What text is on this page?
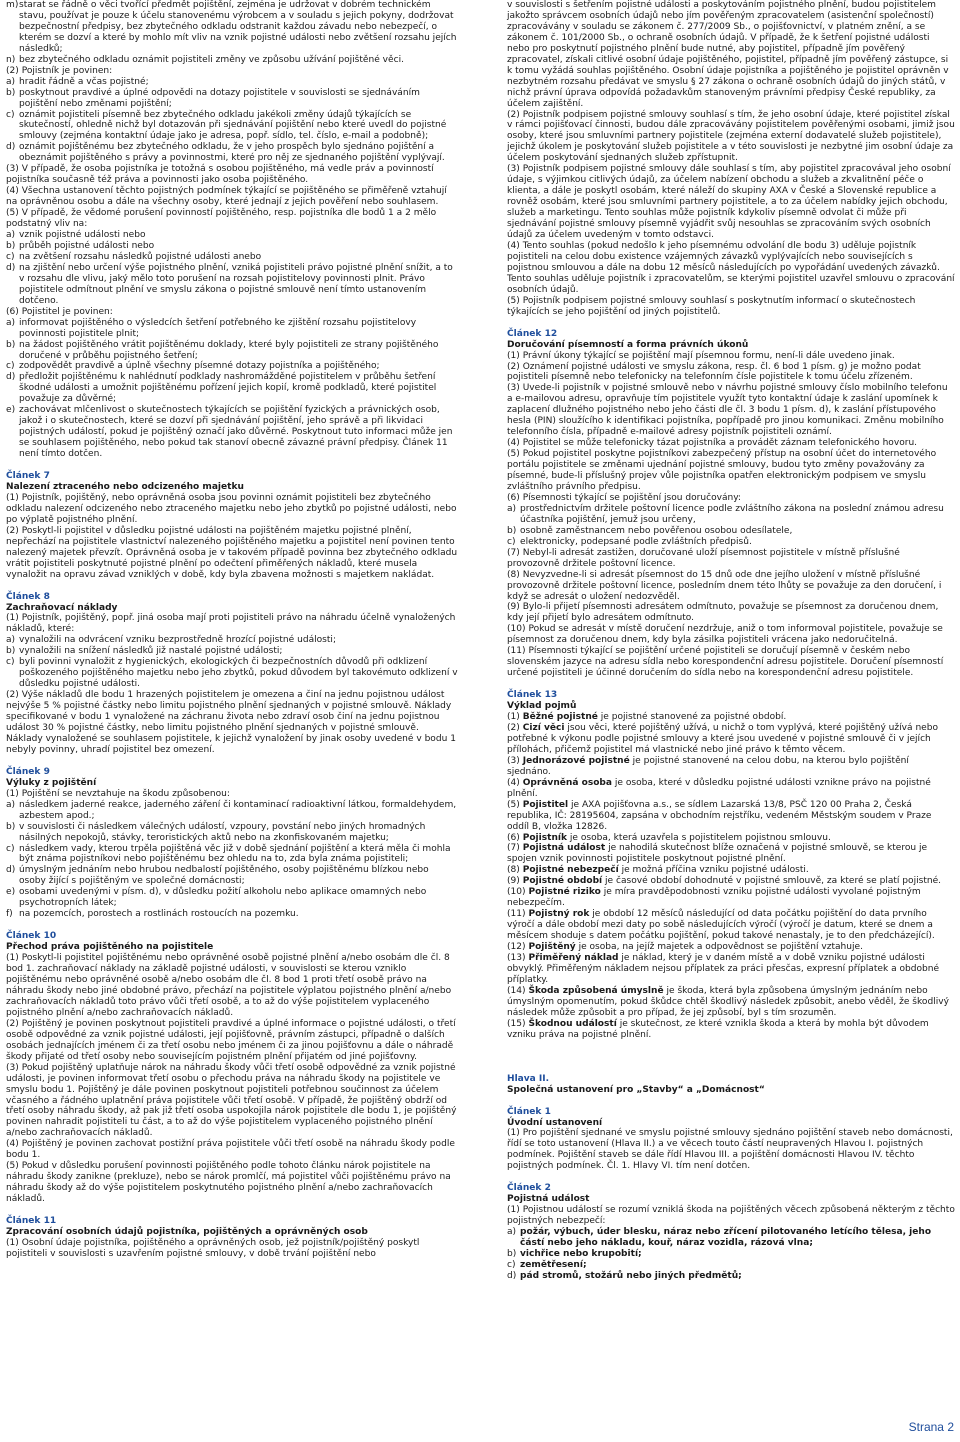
m)starat se řádně o věci tvořící předmět pojištění, zejména je udržovat v dobrém technickém stavu, používat je pouze k účelu stanovenému výrobcem a v souladu s jejich pokyny, dodržovat bezpečnostní předpisy, bez zbytečného odkladu odstranit každou závadu nebo nebezpečí, o kterém se dozví a které by mohlo mít vliv na vznik pojistné události nebo zvětšení rozsahu jejích následků;

n) bez zbytečného odkladu oznámit pojistiteli změny ve způsobu užívání pojištěné věci.

(2) Pojistník je povinen:

a) hradit řádně a včas pojistné;

b) poskytnout pravdivé a úplné odpovědi na dotazy pojistitele v souvislosti se sjednáváním pojištění nebo změnami pojištění;

c) oznámit pojistiteli písemně bez zbytečného odkladu jakékoli změny údajů týkajících se skutečností, ohledně nichž byl dotazován při sjednávání pojištění nebo které uvedl do pojistné smlouvy (zejména kontaktní údaje jako je adresa, popř. sídlo, tel. číslo, e-mail a podobně);

d) oznámit pojištěnému bez zbytečného odkladu, že v jeho prospěch bylo sjednáno pojištění a obeznámit pojištěného s právy a povinnostmi, které pro něj ze sjednaného pojištění vyplývají.

(3) V případě, že osoba pojistníka je totožná s osobou pojištěného, má vedle práv a povinností pojistníka současně též práva a povinnosti jako osoba pojištěného.

(4) Všechna ustanovení těchto pojistných podmínek týkající se pojištěného se přiměřeně vztahují na oprávněnou osobu a dále na všechny osoby, které jednají z jejich pověření nebo souhlasem.

(5) V případě, že vědomé porušení povinností pojištěného, resp. pojistníka dle bodů 1 a 2 mělo podstatný vliv na:

a) vznik pojistné události nebo

b) průběh pojistné události nebo

c) na zvětšení rozsahu následků pojistné události anebo

d) na zjištění nebo určení výše pojistného plnění, vzniká pojistiteli právo pojistné plnění snížit, a to v rozsahu dle vlivu, jaký mělo toto porušení na rozsah pojistitelovy povinnosti plnit. Právo pojistitele odmítnout plnění ve smyslu zákona o pojistné smlouvě není tímto ustanovením dotčeno.

(6) Pojistitel je povinen:

a) informovat pojištěného o výsledcích šetření potřebného ke zjištění rozsahu pojistitelovy povinnosti pojistitele plnit;

b) na žádost pojištěného vrátit pojištěnému doklady, které byly pojistiteli ze strany pojištěného doručené v průběhu pojistného šetření;

c) zodpovědět pravdivě a úplně všechny písemné dotazy pojistníka a pojištěného;

d) předložit pojištěnému k nahlédnutí podklady nashromážděné pojistitelem v průběhu šetření škodné události a umožnit pojištěnému pořízení jejich kopií, kromě podkladů, které pojistitel považuje za důvěrné;

e) zachovávat mlčenlivost o skutečnostech týkajících se pojištění fyzických a právnických osob, jakož i o skutečnostech, které se dozví při sjednávání pojištění, jeho správě a při likvidaci pojistných událostí, pokud je pojištěný označí jako důvěrné. Poskytnout tuto informaci může jen se souhlasem pojištěného, nebo pokud tak stanoví obecně závazné právní předpisy. Článek 11 není tímto dotčen.

Článek 7

Nalezení ztraceného nebo odcizeného majetku

(1) Pojistník, pojištěný, nebo oprávněná osoba jsou povinni oznámit pojistiteli bez zbytečného odkladu nalezení odcizeného nebo ztraceného majetku nebo jeho zbytků po pojistné události, nebo po výplatě pojistného plnění.

(2) Poskytl-li pojistitel v důsledku pojistné události na pojištěném majetku pojistné plnění, nepřechází na pojistitele vlastnictví nalezeného pojištěného majetku a pojistitel není povinen tento nalezený majetek převzít. Oprávněná osoba je v takovém případě povinna bez zbytečného odkladu vrátit pojistiteli poskytnuté pojistné plnění po odečtení přiměřených nákladů, které musela vynaložit na opravu závad vzniklých v době, kdy byla zbavena možnosti s majetkem nakládat.

Článek 8

Zachraňovací náklady

(1) Pojistník, pojištěný, popř. jiná osoba mají proti pojistiteli právo na náhradu účelně vynaložených nákladů, které:

a) vynaložili na odvrácení vzniku bezprostředně hrozící pojistné události;

b) vynaložili na snížení následků již nastalé pojistné události;

c) byli povinni vynaložit z hygienických, ekologických či bezpečnostních důvodů při odklizení poškozeného pojištěného majetku nebo jeho zbytků, pokud důvodem byl takovémuto odklizení v důsledku pojistné události.

(2) Výše nákladů dle bodu 1 hrazených pojistitelem je omezena a činí na jednu pojistnou událost nejvýše 5 % pojistné částky nebo limitu pojistného plnění sjednaných v pojistné smlouvě. Náklady specifikované v bodu 1 vynaložené na záchranu života nebo zdraví osob činí na jednu pojistnou událost 30 % pojistné částky, nebo limitu pojistného plnění sjednaných v pojistné smlouvě. Náklady vynaložené se souhlasem pojistitele, k jejichž vynaložení by jinak osoby uvedené v bodu 1 nebyly povinny, uhradí pojistitel bez omezení.

Článek 9

Výluky z pojištění

(1) Pojištění se nevztahuje na škodu způsobenou:

a) následkem jaderné reakce, jaderného záření či kontaminací radioaktivní látkou, formaldehydem, azbestem apod.;

b) v souvislosti či následkem válečných událostí, vzpoury, povstání nebo jiných hromadných násilných nepokojů, stávky, teroristických aktů nebo na zkonfiskovaném majetku;

c) následkem vady, kterou trpěla pojištěná věc již v době sjednání pojištění a která měla či mohla být známa pojistníkovi nebo pojištěnému bez ohledu na to, zda byla známa pojistiteli;

d) úmyslným jednáním nebo hrubou nedbalostí pojištěného, osoby pojištěnému blízkou nebo osoby žijící s pojištěným ve společné domácnosti;

e) osobami uvedenými v písm. d), v důsledku požití alkoholu nebo aplikace omamných nebo psychotropních látek;

f) na pozemcích, porostech a rostlinách rostoucích na pozemku.

Článek 10

Přechod práva pojištěného na pojistitele

(1) Poskytl-li pojistitel pojištěnému nebo oprávněné osobě pojistné plnění a/nebo osobám dle čl. 8 bod 1. zachraňovací náklady na základě pojistné události, v souvislosti se kterou vzniklo pojištěnému nebo oprávněné osobě a/nebo osobám dle čl. 8 bod 1 proti třetí osobě právo na náhradu škody nebo jiné obdobné právo, přechází na pojistitele výplatou pojistného plnění a/nebo zachraňovacích nákladů toto právo vůči třetí osobě, a to až do výše pojistitelem vyplaceného pojistného plnění a/nebo zachraňovacích nákladů.

(2) Pojištěný je povinen poskytnout pojistiteli pravdivé a úplné informace o pojistné události, o třetí osobě odpovědné za vznik pojistné události, její pojišťovně, právním zástupci, případně o dalších osobách jednajících jménem či za třetí osobu nebo jménem či za jinou pojišťovnu a dále o náhradě škody přijaté od třetí osoby nebo souvisejícím pojistném plnění přijatém od jiné pojišťovny.

(3) Pokud pojištěný uplatňuje nárok na náhradu škody vůči třetí osobě odpovědné za vznik pojistné události, je povinen informovat třetí osobu o přechodu práva na náhradu škody na pojistitele ve smyslu bodu 1. Pojištěný je dále povinen poskytnout pojistiteli potřebnou součinnost za účelem včasného a řádného uplatnění práva pojistitele vůči třetí osobě. V případě, že pojištěný obdrží od třetí osoby náhradu škody, až pak již třetí osoba uspokojila nárok pojistitele dle bodu 1, je pojištěný povinen nahradit pojistiteli tu část, a to až do výše pojistitelem vyplaceného pojistného plnění a/nebo zachraňovacích nákladů.

(4) Pojištěný je povinen zachovat postižní práva pojistitele vůči třetí osobě na náhradu škody podle bodu 1.

(5) Pokud v důsledku porušení povinnosti pojištěného podle tohoto článku nárok pojistitele na náhradu škody zanikne (prekluze), nebo se nárok promlčí, má pojistitel vůči pojištěnému právo na náhradu škody až do výše pojistitelem poskytnutého pojistného plnění a/nebo zachraňovacích nákladů.

Článek 11

Zpracování osobních údajů pojistníka, pojištěných a oprávněných osob

(1) Osobní údaje pojistníka, pojištěného a oprávněných osob, jež pojistník/pojištěný poskytl pojistiteli v souvislosti s uzavřením pojistné smlouvy, v době trvání pojištění nebo

v souvislosti s šetřením pojistné události a poskytováním pojistného plnění, budou pojistitelem jakožto správcem osobních údajů nebo jím pověřeným zpracovatelem (asistenční společností) zpracovávány v souladu se zákonem č. 277/2009 Sb., o pojišťovnictví, v platném znění, a se zákonem č. 101/2000 Sb., o ochraně osobních údajů. V případě, že k šetření pojistné události nebo pro poskytnutí pojistného plnění bude nutné, aby pojistitel, případně jím pověřený zpracovatel, získali citlivé osobní údaje pojištěného, pojistitel, případně jím pověřený zástupce, si k tomu vyžádá souhlas pojištěného. Osobní údaje pojistníka a pojištěného je pojistitel oprávněn v nezbytném rozsahu předávat ve smyslu § 27 zákona o ochraně osobních údajů do jiných států, v nichž právní úprava odpovídá požadavkům stanoveným právními předpisy České republiky, za účelem zajištění.

(2) Pojistník podpisem pojistné smlouvy souhlasí s tím, že jeho osobní údaje, které pojistitel získal v rámci pojišťovací činnosti, budou dále zpracovávány pojistitelem pověřenými osobami, jimiž jsou osoby, které jsou smluvními partnery pojistitele (zejména externí dodavatelé služeb pojistitele), jejichž úkolem je poskytování služeb pojistitele a v této souvislosti je nezbytné jim osobní údaje za účelem poskytování sjednaných služeb zpřístupnit.

(3) Pojistník podpisem pojistné smlouvy dále souhlasí s tím, aby pojistitel zpracovával jeho osobní údaje, s výjimkou citlivých údajů, za účelem nabízení obchodu a služeb a zkvalitnění péče o klienta, a dále je poskytl osobám, které náleží do skupiny AXA v České a Slovenské republice a rovněž osobám, které jsou smluvními partnery pojistitele, a to za účelem nabídky jejich obchodu, služeb a marketingu. Tento souhlas může pojistník kdykoliv písemně odvolat či může při sjednávání pojistné smlouvy písemně vyjádřit svůj nesouhlas se zpracováním svých osobních údajů za účelem uvedeným v tomto odstavci.

(4) Tento souhlas (pokud nedošlo k jeho písemnému odvolání dle bodu 3) uděluje pojistník pojistiteli na celou dobu existence vzájemných závazků vyplývajících nebo souvisejících s pojistnou smlouvou a dále na dobu 12 měsíců následujících po vypořádání uvedených závazků. Tento souhlas uděluje pojistník i zpracovatelům, se kterými pojistitel uzavřel smlouvu o zpracování osobních údajů.

(5) Pojistník podpisem pojistné smlouvy souhlasí s poskytnutím informací o skutečnostech týkajících se jeho pojištění od jiných pojistitelů.

Článek 12

Doručování písemností a forma právních úkonů

(1) Právní úkony týkající se pojištění mají písemnou formu, není-li dále uvedeno jinak.

(2) Oznámení pojistné události ve smyslu zákona, resp. čl. 6 bod 1 písm. g) je možno podat pojistiteli písemně nebo telefonicky na telefonním čísle pojistitele k tomu účelu zřízeném.

(3) Uvede-li pojistník v pojistné smlouvě nebo v návrhu pojistné smlouvy číslo mobilního telefonu a e-mailovou adresu, opravňuje tím pojistitele využít tyto kontaktní údaje k zaslání upomínek k zaplacení dlužného pojistného nebo jeho části dle čl. 3 bodu 1 písm. d), k zaslání přístupového hesla (PIN) sloužícího k identifikaci pojistníka, popřípadě pro jinou komunikaci. Změnu mobilního telefonního čísla, případně e-mailové adresy pojistník pojistiteli oznámí.

(4) Pojistitel se může telefonicky tázat pojistníka a provádět záznam telefonického hovoru.

(5) Pokud pojistitel poskytne pojistníkovi zabezpečený přístup na osobní účet do internetového portálu pojistitele se změnami ujednání pojistné smlouvy, budou tyto změny považovány za písemné, bude-li příslušný projev vůle pojistníka opatřen elektronickým podpisem ve smyslu zvláštního právního předpisu.

(6) Písemnosti týkající se pojištění jsou doručovány:

a) prostřednictvím držitele poštovní licence podle zvláštního zákona na poslední známou adresu účastníka pojištění, jemuž jsou určeny,

b) osobně zaměstnancem nebo pověřenou osobou odesílatele,

c) elektronicky, podepsané podle zvláštních předpisů.

(7) Nebyl-li adresát zastižen, doručované uloží písemnost pojistitele v místně příslušné provozovně držitele poštovní licence.

(8) Nevyzvedne-li si adresát písemnost do 15 dnů ode dne jejího uložení v místně příslušné provozovně držitele poštovní licence, posledním dnem této lhůty se považuje za den doručení, i když se adresát o uložení nedozvěděl.

(9) Bylo-li přijetí písemnosti adresátem odmítnuto, považuje se písemnost za doručenou dnem, kdy její přijetí bylo adresátem odmítnuto.

(10) Pokud se adresát v místě doručení nezdržuje, aniž o tom informoval pojistitele, považuje se písemnost za doručenou dnem, kdy byla zásilka pojistiteli vrácena jako nedoručitelná.

(11) Písemnosti týkající se pojištění určené pojistiteli se doručují písemně v českém nebo slovenském jazyce na adresu sídla nebo korespondenční adresu pojistitele. Doručení písemností určené pojistiteli je účinné doručením do sídla nebo na korespondenční adresu pojistitele.

Článek 13

Výklad pojmů

(1) Běžné pojistné je pojistné stanovené za pojistné období.

(2) Cizí věci jsou věci, které pojištěný užívá, u nichž o tom vyplývá, které pojištěný užívá nebo potřebné k výkonu podle pojistné smlouvy a které jsou uvedené v pojistné smlouvě či v jejích přílohách, přičemž pojistitel má vlastnické nebo jiné právo k těmto věcem.

(3) Jednorázové pojistné je pojistné stanovené na celou dobu, na kterou bylo pojištění sjednáno.

(4) Oprávněná osoba je osoba, které v důsledku pojistné události vznikne právo na pojistné plnění.

(5) Pojistitel je AXA pojišťovna a.s., se sídlem Lazarská 13/8, PSČ 120 00 Praha 2, Česká republika, IČ: 28195604, zapsána v obchodním rejstříku, vedeném Městským soudem v Praze oddíl B, vložka 12826.

(6) Pojistník je osoba, která uzavřela s pojistitelem pojistnou smlouvu.

(7) Pojistná událost je nahodilá skutečnost blíže označená v pojistné smlouvě, se kterou je spojen vznik povinnosti pojistitele poskytnout pojistné plnění.

(8) Pojistné nebezpečí je možná příčina vzniku pojistné události.

(9) Pojistné období je časové období dohodnuté v pojistné smlouvě, za které se platí pojistné.

(10) Pojistné riziko je míra pravděpodobnosti vzniku pojistné události vyvolané pojistným nebezpečím.

(11) Pojistný rok je období 12 měsíců následující od data počátku pojištění do data prvního výročí a dále období mezi daty po sobě následujících výročí (výročí je datum, které se dnem a měsícem shoduje s datem počátku pojištění, pokud takové nenastaly, je to den předcházející).

(12) Pojištěný je osoba, na jejíž majetek a odpovědnost se pojištění vztahuje.

(13) Přiměřený náklad je náklad, který je v daném místě a v době vzniku pojistné události obvyklý. Přiměřeným nákladem nejsou příplatek za práci přesčas, expresní příplatek a obdobné příplatky.

(14) Škoda způsobená úmyslně je škoda, která byla způsobena úmyslným jednáním nebo úmyslným opomenutím, pokud škůdce chtěl škodlivý následek způsobit, anebo věděl, že škodlivý následek může způsobit a pro případ, že jej způsobí, byl s tím srozuměn.

(15) Škodnou událostí je skutečnost, ze které vznikla škoda a která by mohla být důvodem vzniku práva na pojistné plnění.

Hlava II.

Společná ustanovení pro „Stavby“ a „Domácnost“

Článek 1

Úvodní ustanovení

(1) Pro pojištění sjednané ve smyslu pojistné smlouvy sjednáno pojištění staveb nebo domácnosti, řídí se toto ustanovení (Hlava II.) a ve věcech touto částí neupravených Hlavou I. pojistných podmínek. Pojištění staveb se dále řídí Hlavou III. a pojištění domácnosti Hlavou IV. těchto pojistných podmínek. Čl. 1. Hlavy VI. tím není dotčen.

Článek 2

Pojistná událost

(1) Pojistnou událostí se rozumí vzniklá škoda na pojištěných věcech způsobená některým z těchto pojistných nebezpečí:

a) požár, výbuch, úder blesku, náraz nebo zřícení pilotovaného letícího tělesa, jeho částí nebo jeho nákladu, kouř, náraz vozidla, rázová vlna;

b) vichřice nebo krupobití;

c) zemětřesení;

d) pád stromů, stožárů nebo jiných předmětů;

Strana 2
